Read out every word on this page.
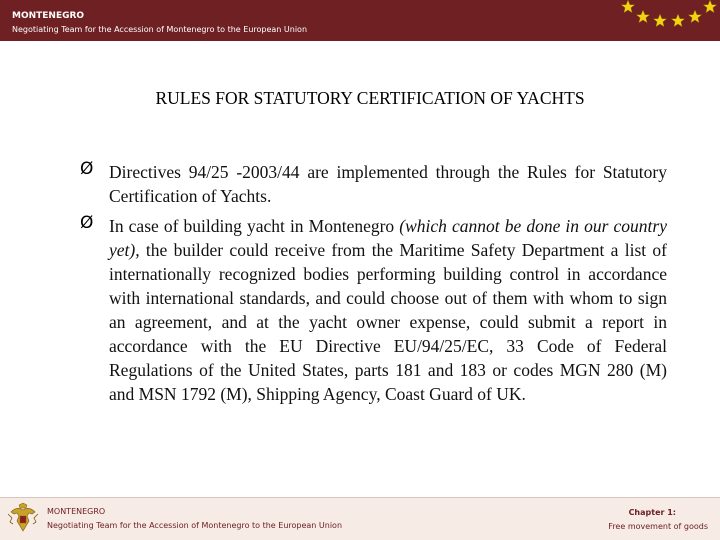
MONTENEGRO
Negotiating Team for the Accession of Montenegro to the European Union
RULES FOR STATUTORY CERTIFICATION OF YACHTS
Ø Directives 94/25 -2003/44 are implemented through the Rules for Statutory Certification of Yachts.
Ø In case of building yacht in Montenegro (which cannot be done in our country yet), the builder could receive from the Maritime Safety Department a list of internationally recognized bodies performing building control in accordance with international standards, and could choose out of them with whom to sign an agreement, and at the yacht owner expense, could submit a report in accordance with the EU Directive EU/94/25/EC, 33 Code of Federal Regulations of the United States, parts 181 and 183 or codes MGN 280 (M) and MSN 1792 (M), Shipping Agency, Coast Guard of UK.
MONTENEGRO
Negotiating Team for the Accession of Montenegro to the European Union
Chapter 1:
Free movement of goods
